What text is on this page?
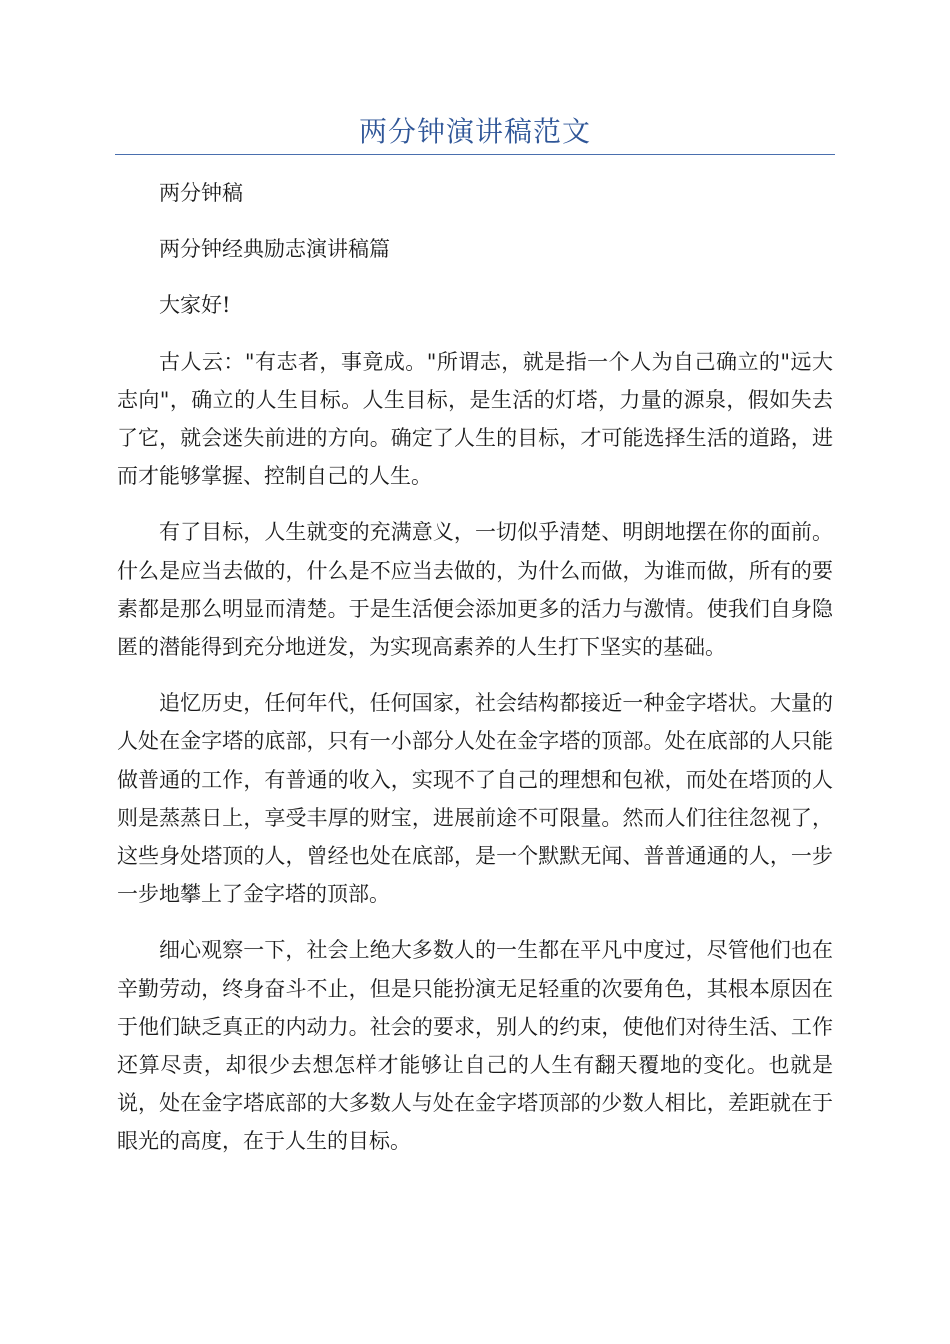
两分钟演讲稿范文

两分钟稿

两分钟经典励志演讲稿篇

大家好!

古人云："有志者，事竟成。"所谓志，就是指一个人为自己确立的"远大志向"，确立的人生目标。人生目标，是生活的灯塔，力量的源泉，假如失去了它，就会迷失前进的方向。确定了人生的目标，才可能选择生活的道路，进而才能够掌握、控制自己的人生。

有了目标，人生就变的充满意义，一切似乎清楚、明朗地摆在你的面前。什么是应当去做的，什么是不应当去做的，为什么而做，为谁而做，所有的要素都是那么明显而清楚。于是生活便会添加更多的活力与激情。使我们自身隐匿的潜能得到充分地迸发，为实现高素养的人生打下坚实的基础。

追忆历史，任何年代，任何国家，社会结构都接近一种金字塔状。大量的人处在金字塔的底部，只有一小部分人处在金字塔的顶部。处在底部的人只能做普通的工作，有普通的收入，实现不了自己的理想和包袱，而处在塔顶的人则是蒸蒸日上，享受丰厚的财宝，进展前途不可限量。然而人们往往忽视了，这些身处塔顶的人，曾经也处在底部，是一个默默无闻、普普通通的人，一步一步地攀上了金字塔的顶部。

细心观察一下，社会上绝大多数人的一生都在平凡中度过，尽管他们也在辛勤劳动，终身奋斗不止，但是只能扮演无足轻重的次要角色，其根本原因在于他们缺乏真正的内动力。社会的要求，别人的约束，使他们对待生活、工作还算尽责，却很少去想怎样才能够让自己的人生有翻天覆地的变化。也就是说，处在金字塔底部的大多数人与处在金字塔顶部的少数人相比，差距就在于眼光的高度，在于人生的目标。
